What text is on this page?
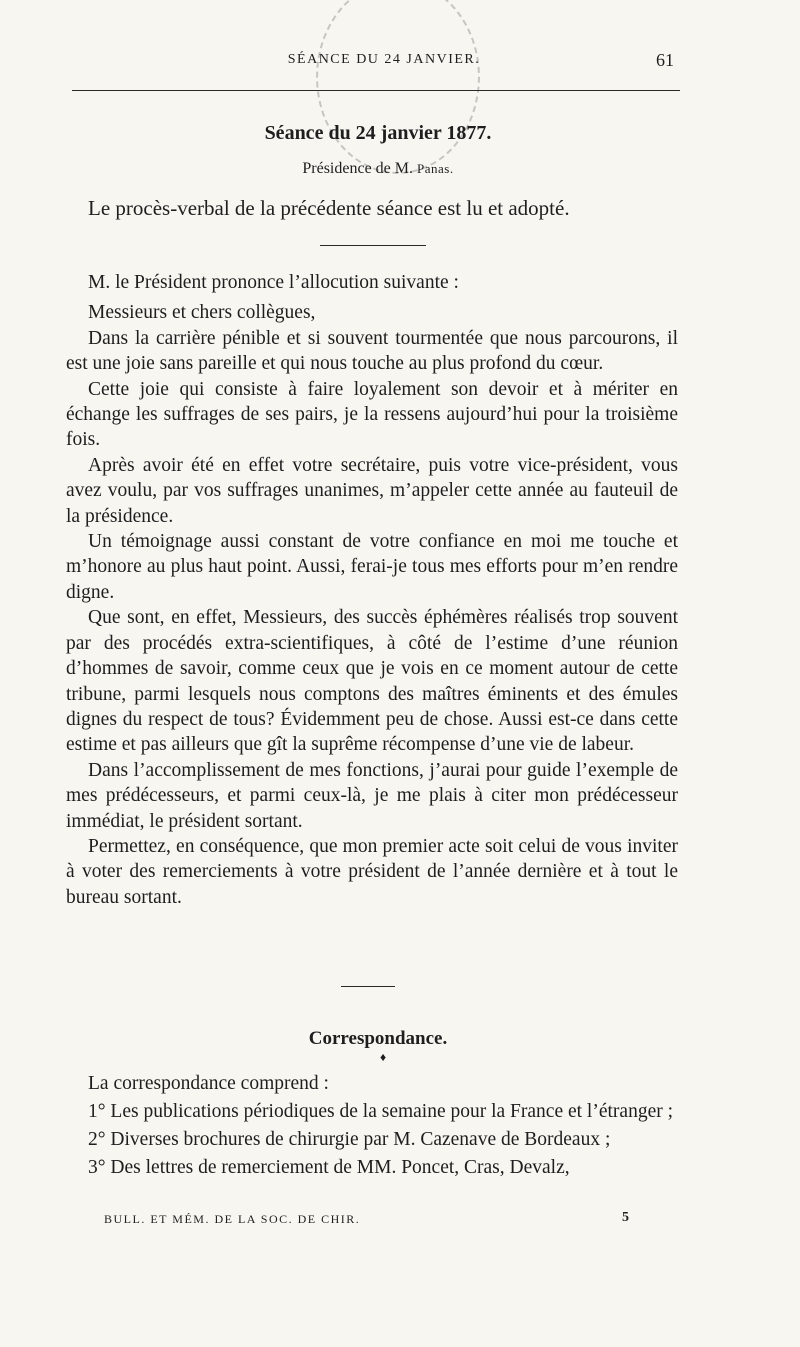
SÉANCE DU 24 JANVIER.	61
Séance du 24 janvier 1877.
Présidence de M. Panas.
Le procès-verbal de la précédente séance est lu et adopté.

M. le Président prononce l’allocution suivante :

Messieurs et chers collègues,

Dans la carrière pénible et si souvent tourmentée que nous parcourons, il est une joie sans pareille et qui nous touche au plus profond du cœur.

Cette joie qui consiste à faire loyalement son devoir et à mériter en échange les suffrages de ses pairs, je la ressens aujourd’hui pour la troisième fois.

Après avoir été en effet votre secrétaire, puis votre vice-président, vous avez voulu, par vos suffrages unanimes, m’appeler cette année au fauteuil de la présidence.

Un témoignage aussi constant de votre confiance en moi me touche et m’honore au plus haut point. Aussi, ferai-je tous mes efforts pour m’en rendre digne.

Que sont, en effet, Messieurs, des succès éphémères réalisés trop souvent par des procédés extra-scientifiques, à côté de l’estime d’une réunion d’hommes de savoir, comme ceux que je vois en ce moment autour de cette tribune, parmi lesquels nous comptons des maîtres éminents et des émules dignes du respect de tous? Évidemment peu de chose. Aussi est-ce dans cette estime et pas ailleurs que gît la suprême récompense d’une vie de labeur.

Dans l’accomplissement de mes fonctions, j’aurai pour guide l’exemple de mes prédécesseurs, et parmi ceux-là, je me plais à citer mon prédécesseur immédiat, le président sortant.

Permettez, en conséquence, que mon premier acte soit celui de vous inviter à voter des remerciements à votre président de l’année dernière et à tout le bureau sortant.

Correspondance.
♦

La correspondance comprend :

1° Les publications périodiques de la semaine pour la France et l’étranger ;

2° Diverses brochures de chirurgie par M. Cazenave de Bordeaux ;

3° Des lettres de remerciement de MM. Poncet, Cras, Devalz,

BULL. ET MÉM. DE LA SOC. DE CHIR.	5
